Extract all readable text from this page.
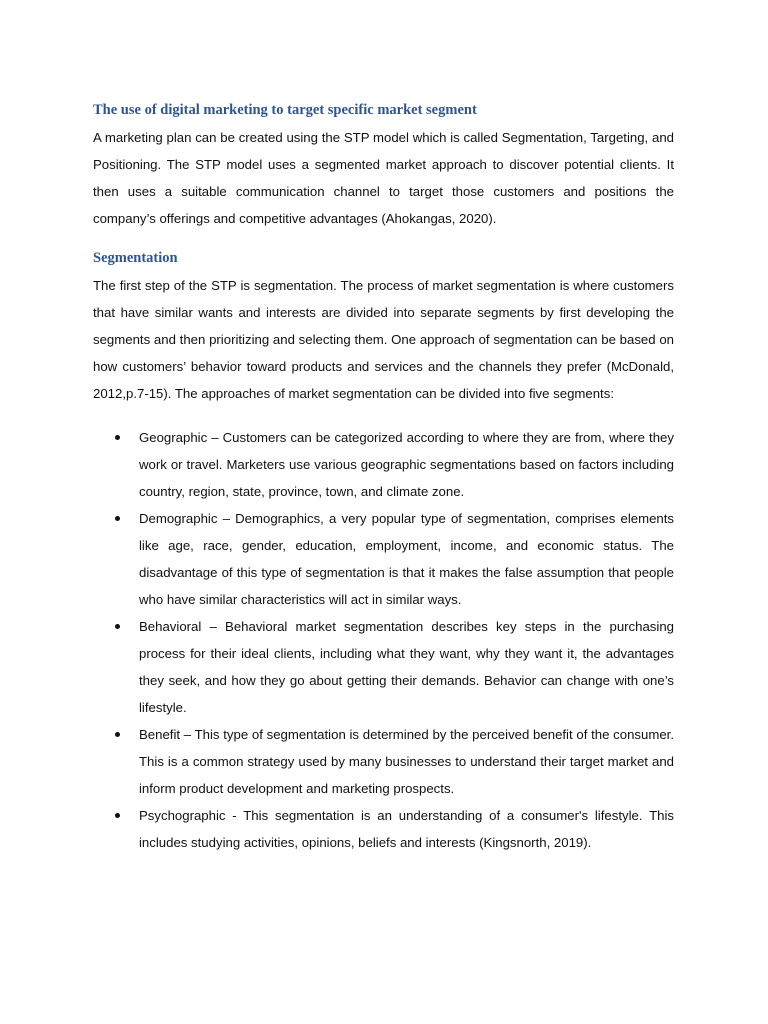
The use of digital marketing to target specific market segment

A marketing plan can be created using the STP model which is called Segmentation, Targeting, and Positioning. The STP model uses a segmented market approach to discover potential clients. It then uses a suitable communication channel to target those customers and positions the company’s offerings and competitive advantages (Ahokangas, 2020).

Segmentation

The first step of the STP is segmentation. The process of market segmentation is where customers that have similar wants and interests are divided into separate segments by first developing the segments and then prioritizing and selecting them. One approach of segmentation can be based on how customers’ behavior toward products and services and the channels they prefer (McDonald, 2012,p.7-15). The approaches of market segmentation can be divided into five segments:

Geographic – Customers can be categorized according to where they are from, where they work or travel. Marketers use various geographic segmentations based on factors including country, region, state, province, town, and climate zone.
Demographic – Demographics, a very popular type of segmentation, comprises elements like age, race, gender, education, employment, income, and economic status. The disadvantage of this type of segmentation is that it makes the false assumption that people who have similar characteristics will act in similar ways.
Behavioral – Behavioral market segmentation describes key steps in the purchasing process for their ideal clients, including what they want, why they want it, the advantages they seek, and how they go about getting their demands. Behavior can change with one’s lifestyle.
Benefit – This type of segmentation is determined by the perceived benefit of the consumer. This is a common strategy used by many businesses to understand their target market and inform product development and marketing prospects.
Psychographic - This segmentation is an understanding of a consumer's lifestyle. This includes studying activities, opinions, beliefs and interests (Kingsnorth, 2019).
